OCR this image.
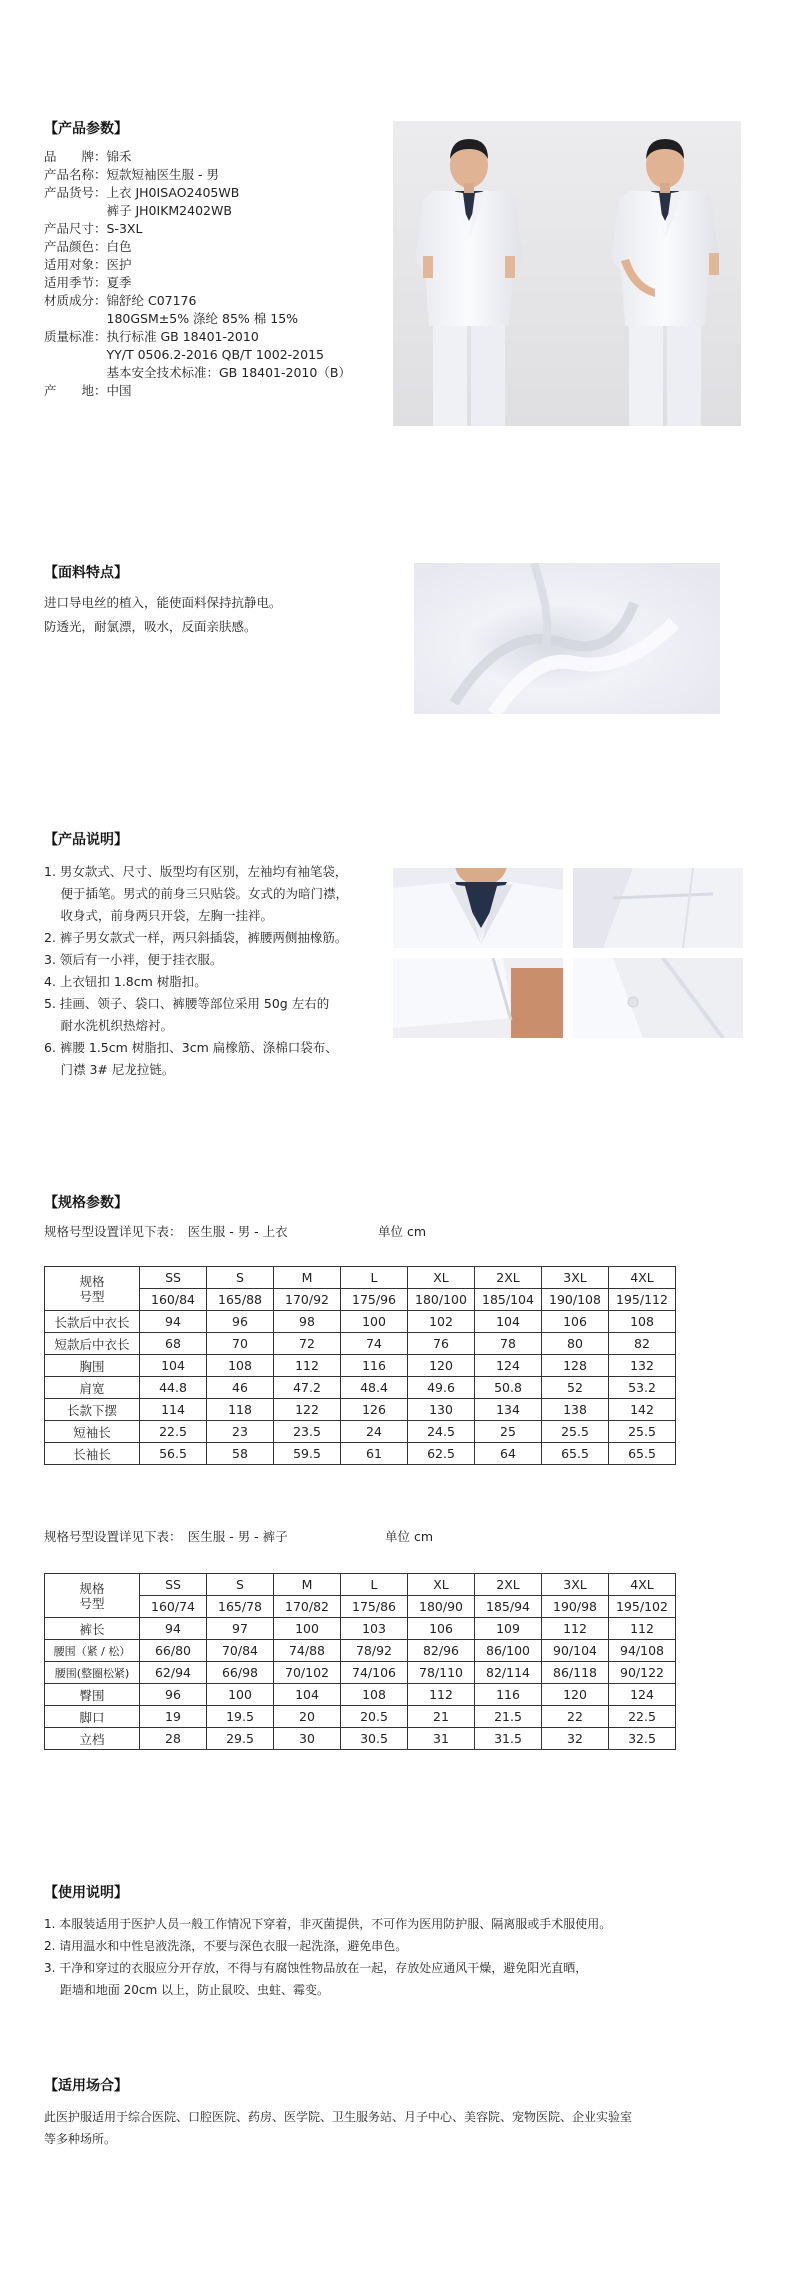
【产品参数】
品　　牌：锦禾
产品名称：短款短袖医生服 - 男
产品货号：上衣 JH0ISAO2405WB
　　　　　裤子 JH0IKM2402WB
产品尺寸：S-3XL
产品颜色：白色
适用对象：医护
适用季节：夏季
材质成分：锦舒纶 C07176
　　　　　180GSM±5% 涤纶 85% 棉 15%
质量标准：执行标准 GB 18401-2010
　　　　　YY/T 0506.2-2016 QB/T 1002-2015
　　　　　基本安全技术标准：GB 18401-2010（B）
产　　地：中国
【面料特点】
进口导电丝的植入，能使面料保持抗静电。
防透光，耐氯漂，吸水，反面亲肤感。
【产品说明】
1. 男女款式、尺寸、版型均有区别，左袖均有袖笔袋，
　 便于插笔。男式的前身三只贴袋。女式的为暗门襟，
　 收身式，前身两只开袋，左胸一挂袢。
2. 裤子男女款式一样，两只斜插袋，裤腰两侧抽橡筋。
3. 领后有一小袢，便于挂衣服。
4. 上衣钮扣 1.8cm 树脂扣。
5. 挂画、领子、袋口、裤腰等部位采用 50g 左右的
　 耐水洗机织热熔衬。
6. 裤腰 1.5cm 树脂扣、3cm 扁橡筋、涤棉口袋布、
　 门襟 3# 尼龙拉链。
【规格参数】
规格号型设置详见下表：　医生服 - 男 - 上衣	单位 cm
规格
号型	SS	S	M	L	XL	2XL	3XL	4XL
	160/84	165/88	170/92	175/96	180/100	185/104	190/108	195/112
长款后中衣长	94	96	98	100	102	104	106	108
短款后中衣长	68	70	72	74	76	78	80	82
胸围	104	108	112	116	120	124	128	132
肩宽	44.8	46	47.2	48.4	49.6	50.8	52	53.2
长款下摆	114	118	122	126	130	134	138	142
短袖长	22.5	23	23.5	24	24.5	25	25.5	25.5
长袖长	56.5	58	59.5	61	62.5	64	65.5	65.5
规格号型设置详见下表：　医生服 - 男 - 裤子	单位 cm
规格
号型	SS	S	M	L	XL	2XL	3XL	4XL
	160/74	165/78	170/82	175/86	180/90	185/94	190/98	195/102
裤长	94	97	100	103	106	109	112	112
腰围（紧 / 松）	66/80	70/84	74/88	78/92	82/96	86/100	90/104	94/108
腰围(整圈松紧)	62/94	66/98	70/102	74/106	78/110	82/114	86/118	90/122
臀围	96	100	104	108	112	116	120	124
脚口	19	19.5	20	20.5	21	21.5	22	22.5
立档	28	29.5	30	30.5	31	31.5	32	32.5
【使用说明】
1. 本服装适用于医护人员一般工作情况下穿着，非灭菌提供，不可作为医用防护服、隔离服或手术服使用。
2. 请用温水和中性皂液洗涤，不要与深色衣服一起洗涤，避免串色。
3. 干净和穿过的衣服应分开存放，不得与有腐蚀性物品放在一起，存放处应通风干燥，避免阳光直晒，
　 距墙和地面 20cm 以上，防止鼠咬、虫蛀、霉变。
【适用场合】
此医护服适用于综合医院、口腔医院、药房、医学院、卫生服务站、月子中心、美容院、宠物医院、企业实验室
等多种场所。
